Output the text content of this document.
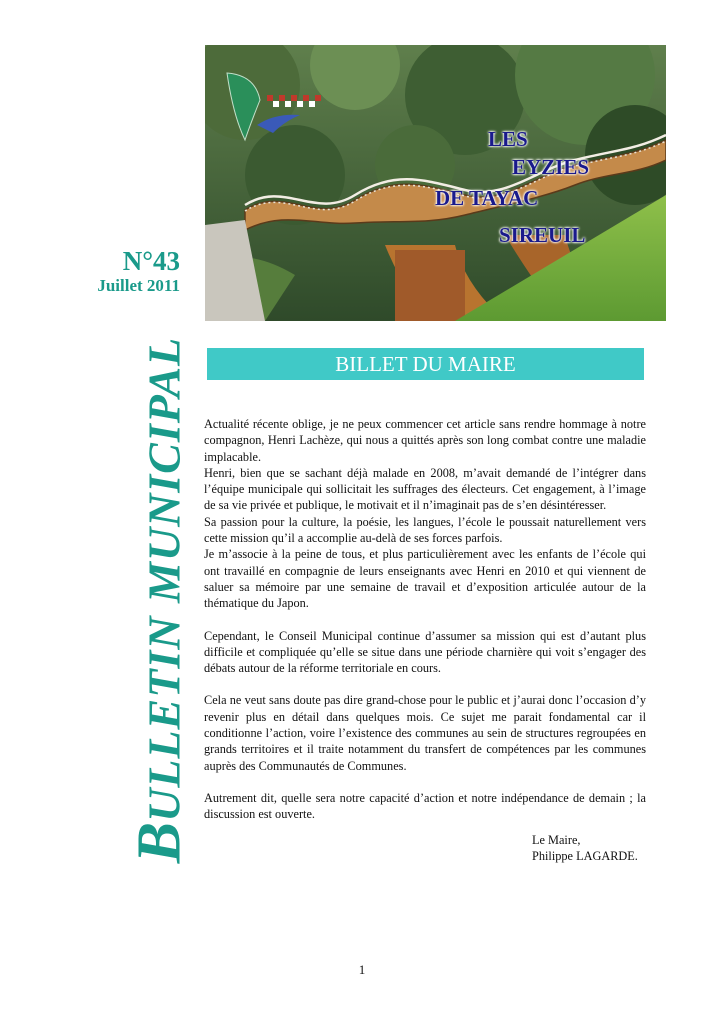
LES
EYZIES
DE TAYAC
SIREUIL
N°43
Juillet 2011
BULLETIN MUNICIPAL	BILLET DU MAIRE

Actualité récente oblige, je ne peux commencer cet article sans rendre hommage à notre compagnon, Henri Lachèze, qui nous a quittés après son long combat contre une maladie implacable.

Henri, bien que se sachant déjà malade en 2008, m’avait demandé de l’intégrer dans l’équipe municipale qui sollicitait les suffrages des électeurs. Cet engagement, à l’image de sa vie privée et publique, le motivait et il n’imaginait pas de s’en désintéresser.

Sa passion pour la culture, la poésie, les langues, l’école le poussait naturellement vers cette mission qu’il a accomplie au-delà de ses forces parfois.

Je m’associe à la peine de tous, et plus particulièrement avec les enfants de l’école qui ont travaillé en compagnie de leurs enseignants avec Henri en 2010 et qui viennent de saluer sa mémoire par une semaine de travail et d’exposition articulée autour de la thématique du Japon.

Cependant, le Conseil Municipal continue d’assumer sa mission qui est d’autant plus difficile et compliquée qu’elle se situe dans une période charnière qui voit s’engager des débats autour de la réforme territoriale en cours.

Cela ne veut sans doute pas dire grand-chose pour le public et j’aurai donc l’occasion d’y revenir plus en détail dans quelques mois. Ce sujet me parait fondamental car il conditionne l’action, voire l’existence des communes au sein de structures regroupées en grands territoires et il traite notamment du transfert de compétences par les communes auprès des Communautés de Communes.

Autrement dit, quelle sera notre capacité d’action et notre indépendance de demain ; la discussion est ouverte.

Le Maire,
Philippe LAGARDE.
1
